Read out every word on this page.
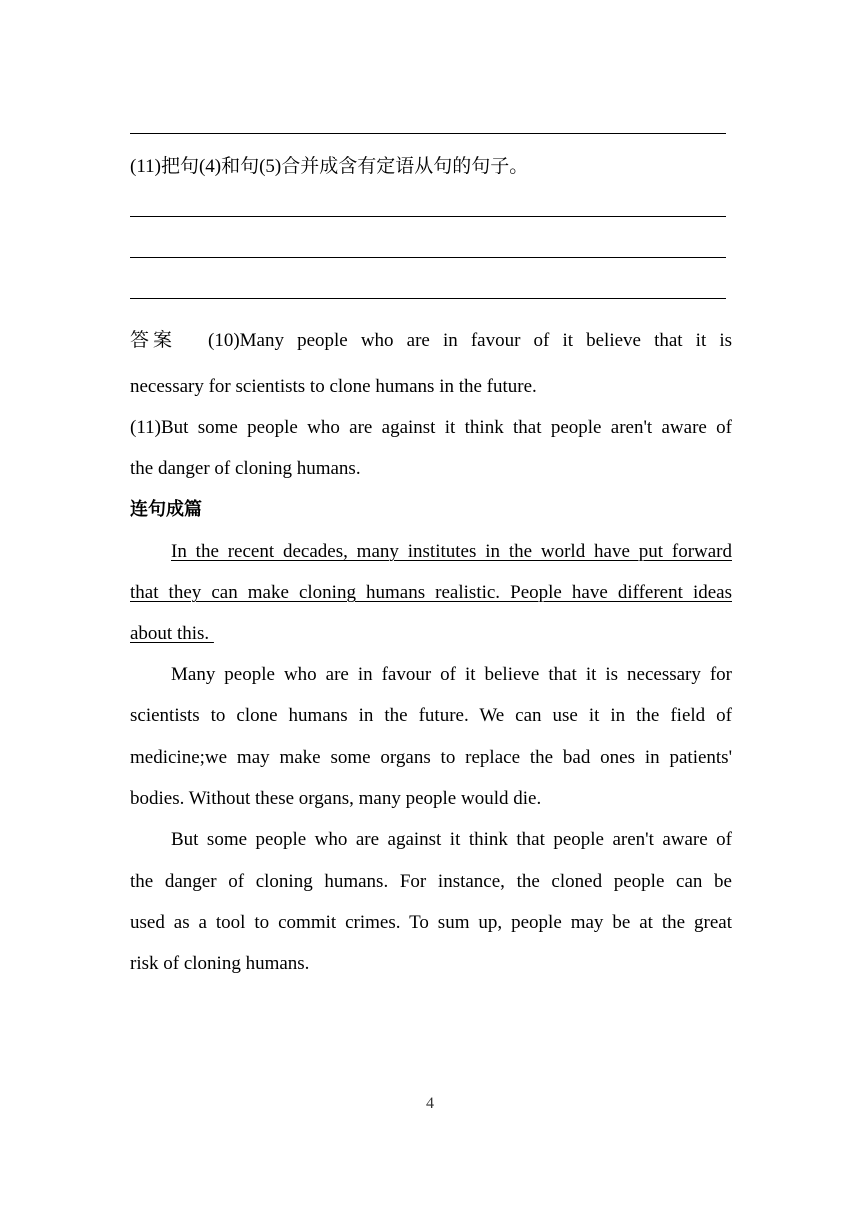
(11)把句(4)和句(5)合并成含有定语从句的句子。
答案	(10)Many people who are in favour of it believe that it is
necessary for scientists to clone humans in the future.
(11)But some people who are against it think that people aren't aware of
the danger of cloning humans.
连句成篇
In the recent decades, many institutes in the world have put forward
that they can make cloning humans realistic. People have different ideas
about this.
Many people who are in favour of it believe that it is necessary for
scientists to clone humans in the future. We can use it in the field of
medicine;we may make some organs to replace the bad ones in patients'
bodies. Without these organs, many people would die.
But some people who are against it think that people aren't aware of
the danger of cloning humans. For instance, the cloned people can be
used as a tool to commit crimes. To sum up, people may be at the great
risk of cloning humans.
4
